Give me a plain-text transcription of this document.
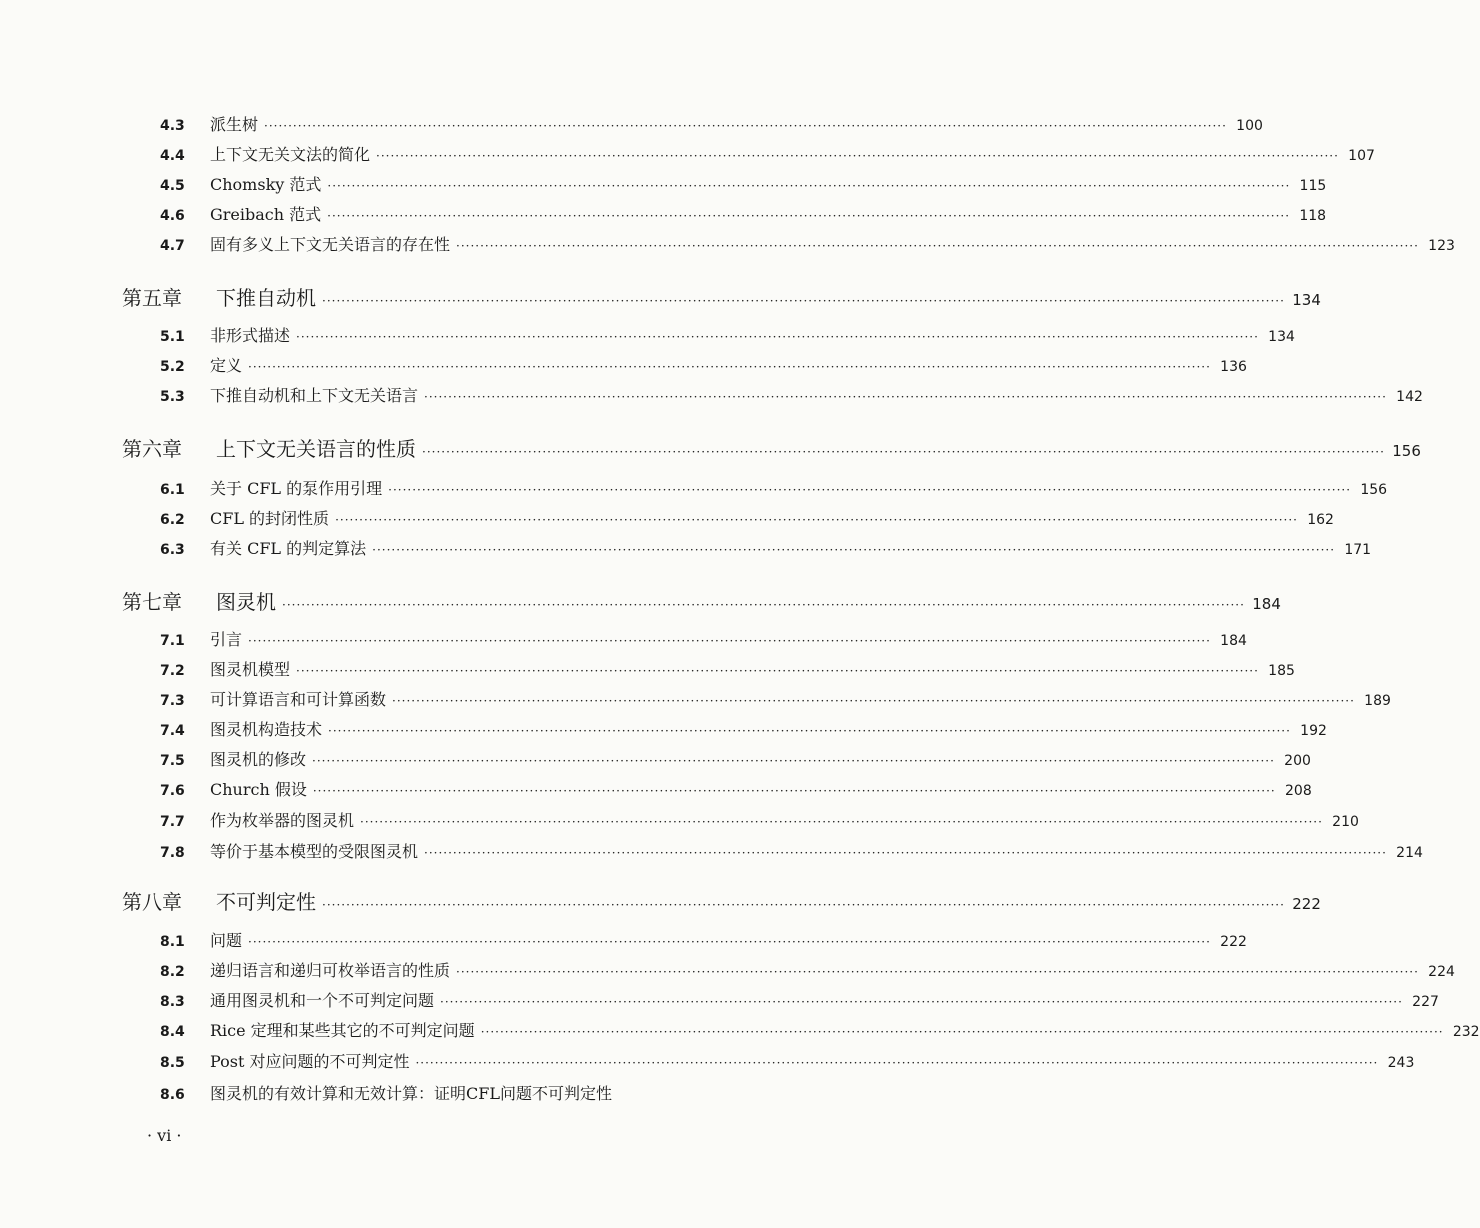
4.3	派生树 ········································································································································································································ 100
4.4	上下文无关文法的简化 ········································································································································································································ 107
4.5	Chomsky 范式 ········································································································································································································ 115
4.6	Greibach 范式 ········································································································································································································ 118
4.7	固有多义上下文无关语言的存在性 ········································································································································································································ 123
第五章	下推自动机 ········································································································································································································ 134
5.1	非形式描述 ········································································································································································································ 134
5.2	定义 ········································································································································································································ 136
5.3	下推自动机和上下文无关语言 ········································································································································································································ 142
第六章	上下文无关语言的性质 ········································································································································································································ 156
6.1	关于 CFL 的泵作用引理 ········································································································································································································ 156
6.2	CFL 的封闭性质 ········································································································································································································ 162
6.3	有关 CFL 的判定算法 ········································································································································································································ 171
第七章	图灵机 ········································································································································································································ 184
7.1	引言 ········································································································································································································ 184
7.2	图灵机模型 ········································································································································································································ 185
7.3	可计算语言和可计算函数 ········································································································································································································ 189
7.4	图灵机构造技术 ········································································································································································································ 192
7.5	图灵机的修改 ········································································································································································································ 200
7.6	Church 假设 ········································································································································································································ 208
7.7	作为枚举器的图灵机 ········································································································································································································ 210
7.8	等价于基本模型的受限图灵机 ········································································································································································································ 214
第八章	不可判定性 ········································································································································································································ 222
8.1	问题 ········································································································································································································ 222
8.2	递归语言和递归可枚举语言的性质 ········································································································································································································ 224
8.3	通用图灵机和一个不可判定问题 ········································································································································································································ 227
8.4	Rice 定理和某些其它的不可判定问题 ········································································································································································································ 232
8.5	Post 对应问题的不可判定性 ········································································································································································································ 243
8.6	图灵机的有效计算和无效计算：证明CFL问题不可判定性
· vi ·
